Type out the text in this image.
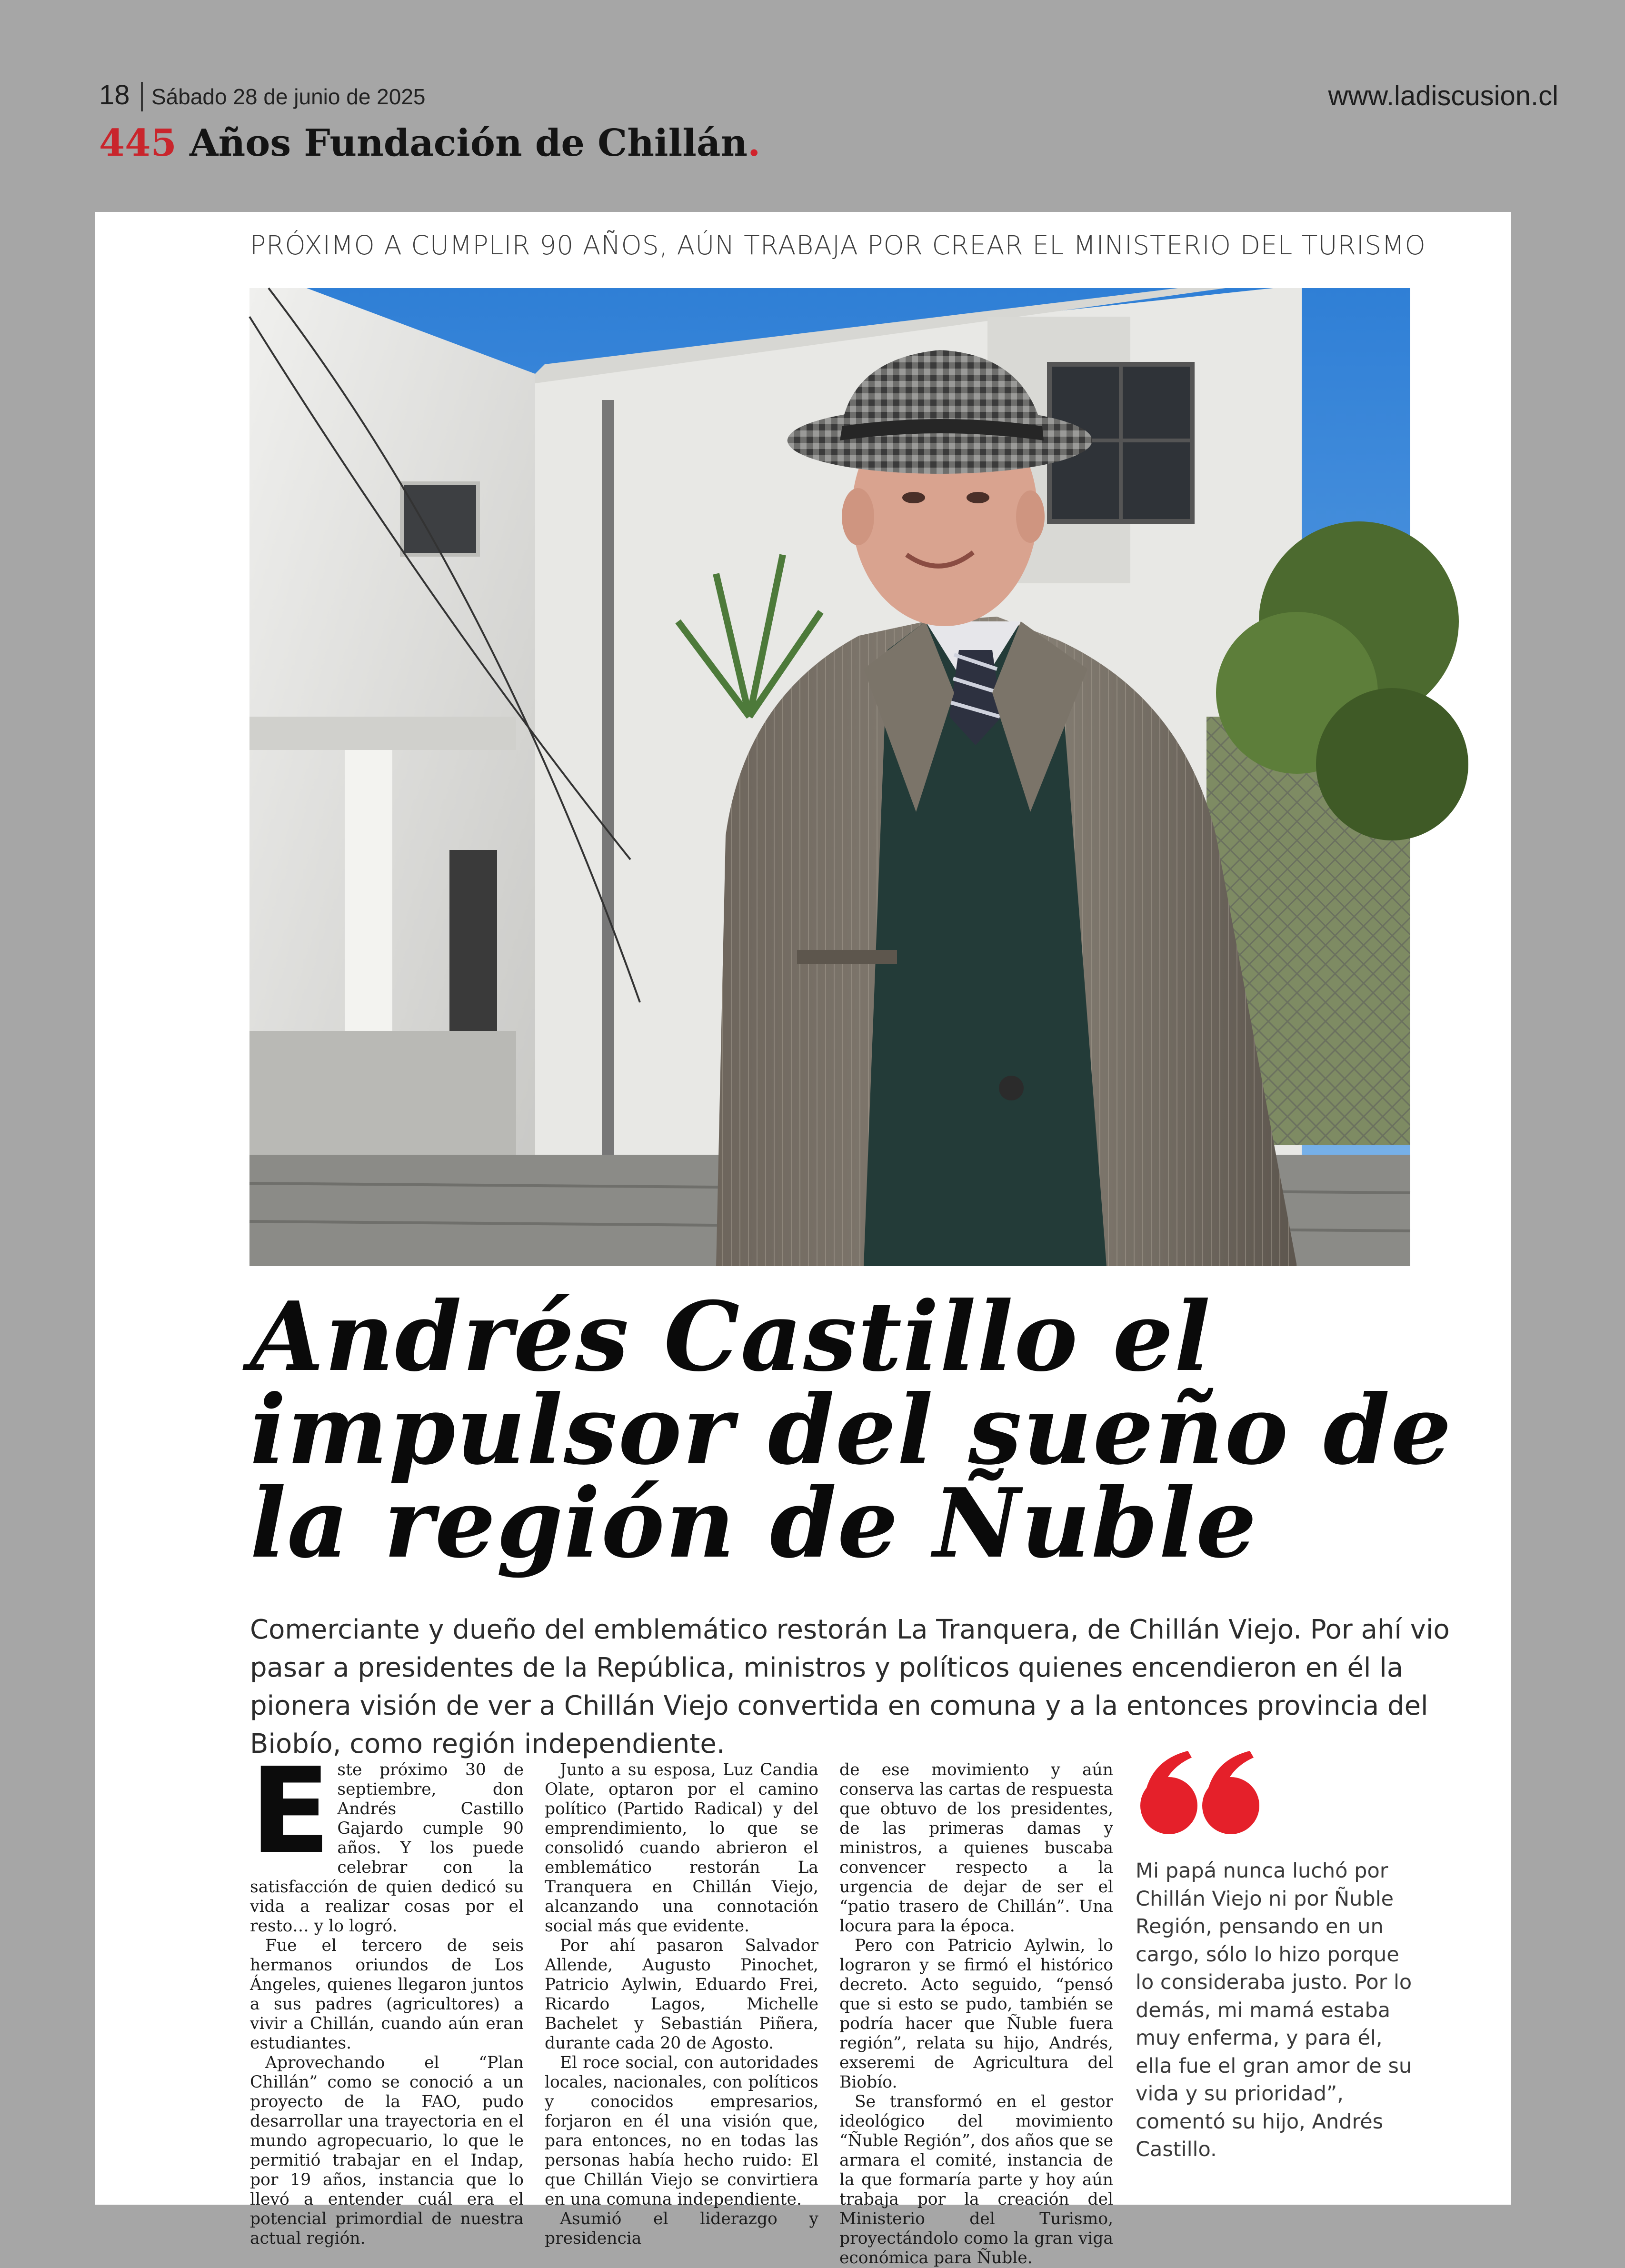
18 Sábado 28 de junio de 2025	www.ladiscusion.cl
445 Años Fundación de Chillán.
PRÓXIMO A CUMPLIR 90 AÑOS, AÚN TRABAJA POR CREAR EL MINISTERIO DEL TURISMO
Andrés Castillo el
impulsor del sueño de
la región de Ñuble

Comerciante y dueño del emblemático restorán La Tranquera, de Chillán Viejo. Por ahí vio pasar a presidentes de la República, ministros y políticos quienes encendieron en él la pionera visión de ver a Chillán Viejo convertida en comuna y a la entonces provincia del Biobío, como región independiente.

E ste próximo 30 de septiembre, don Andrés Castillo Gajardo cumple 90 años. Y los puede celebrar con la satisfacción de quien dedicó su vida a realizar cosas por el resto… y lo logró.

Fue el tercero de seis hermanos oriundos de Los Ángeles, quienes llegaron juntos a sus padres (agricultores) a vivir a Chillán, cuando aún eran estudiantes.

Aprovechando el “Plan Chillán” como se conoció a un proyecto de la FAO, pudo desarrollar una trayectoria en el mundo agropecuario, lo que le permitió trabajar en el Indap, por 19 años, instancia que lo llevó a entender cuál era el potencial primordial de nuestra actual región.

Junto a su esposa, Luz Candia Olate, optaron por el camino político (Partido Radical) y del emprendimiento, lo que se consolidó cuando abrieron el emblemático restorán La Tranquera en Chillán Viejo, alcanzando una connotación social más que evidente.

Por ahí pasaron Salvador Allende, Augusto Pinochet, Patricio Aylwin, Eduardo Frei, Ricardo Lagos, Michelle Bachelet y Sebastián Piñera, durante cada 20 de Agosto.

El roce social, con autoridades locales, nacionales, con políticos y conocidos empresarios, forjaron en él una visión que, para entonces, no en todas las personas había hecho ruido: El que Chillán Viejo se convirtiera en una comuna independiente.

Asumió el liderazgo y presidencia

de ese movimiento y aún conserva las cartas de respuesta que obtuvo de los presidentes, de las primeras damas y ministros, a quienes buscaba convencer respecto a la urgencia de dejar de ser el “patio trasero de Chillán”. Una locura para la época.

Pero con Patricio Aylwin, lo lograron y se firmó el histórico decreto. Acto seguido, “pensó que si esto se pudo, también se podría hacer que Ñuble fuera región”, relata su hijo, Andrés, exseremi de Agricultura del Biobío.

Se transformó en el gestor ideológico del movimiento “Ñuble Región”, dos años que se armara el comité, instancia de la que formaría parte y hoy aún trabaja por la creación del Ministerio del Turismo, proyectándolo como la gran viga económica para Ñuble.

Mi papá nunca luchó por Chillán Viejo ni por Ñuble Región, pensando en un cargo, sólo lo hizo porque lo consideraba justo. Por lo demás, mi mamá estaba muy enferma, y para él, ella fue el gran amor de su vida y su prioridad”, comentó su hijo, Andrés Castillo.
